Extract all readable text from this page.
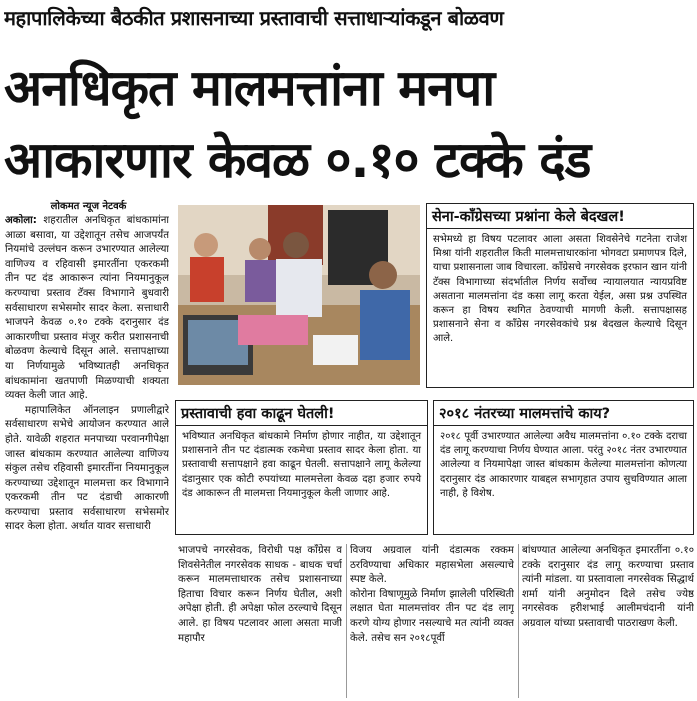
महापालिकेच्या बैठकीत प्रशासनाच्या प्रस्तावाची सत्ताधाऱ्यांकडून बोळवण
अनधिकृत मालमत्तांना मनपा
आकारणार केवळ ०.१० टक्के दंड
लोकमत न्यूज नेटवर्क

अकोला: शहरातील अनधिकृत बांधकामांना आळा बसावा, या उद्देशातून तसेच आजपर्यंत नियमांचे उल्लंघन करून उभारण्यात आलेल्या वाणिज्य व रहिवासी इमारतींना एकरकमी तीन पट दंड आकारून त्यांना नियमानुकूल करण्याचा प्रस्ताव टॅक्स विभागाने बुधवारी सर्वसाधारण सभेसमोर सादर केला. सत्ताधारी भाजपने केवळ ०.१० टक्के दरानुसार दंड आकारणीचा प्रस्ताव मंजूर करीत प्रशासनाची बोळवण केल्याचे दिसून आले. सत्तापक्षाच्या या निर्णयामुळे भविष्यातही अनधिकृत बांधकामांना खतपाणी मिळण्याची शक्यता व्यक्त केली जात आहे.

महापालिकेत ऑनलाइन प्रणालीद्वारे सर्वसाधारण सभेचे आयोजन करण्यात आले होते. यावेळी शहरात मनपाच्या परवानगीपेक्षा जास्त बांधकाम करण्यात आलेल्या वाणिज्य संकुल तसेच रहिवासी इमारतींना नियमानुकूल करण्याच्या उद्देशातून मालमत्ता कर विभागाने एकरकमी तीन पट दंडाची आकारणी करण्याचा प्रस्ताव सर्वसाधारण सभेसमोर सादर केला होता. अर्थात यावर सत्ताधारी

सेना-काँग्रेसच्या प्रश्नांना केले बेदखल!
सभेमध्ये हा विषय पटलावर आला असता शिवसेनेचे गटनेता राजेश मिश्रा यांनी शहरातील किती मालमत्ताधारकांना भोगवटा प्रमाणपत्र दिले, याचा प्रशासनाला जाब विचारला. काँग्रेसचे नगरसेवक इरफान खान यांनी टॅक्स विभागाच्या संदर्भातील निर्णय सर्वोच्च न्यायालयात न्यायप्रविष्ट असताना मालमत्तांना दंड कसा लागू करता येईल, असा प्रश्न उपस्थित करून हा विषय स्थगित ठेवण्याची मागणी केली. सत्तापक्षासह प्रशासनाने सेना व काँग्रेस नगरसेवकांचे प्रश्न बेदखल केल्याचे दिसून आले.
प्रस्तावाची हवा काढून घेतली!
भविष्यात अनधिकृत बांधकामे निर्माण होणार नाहीत, या उद्देशातून प्रशासनाने तीन पट दंडात्मक रकमेचा प्रस्ताव सादर केला होता. या प्रस्तावाची सत्तापक्षाने हवा काढून घेतली. सत्तापक्षाने लागू केलेल्या दंडानुसार एक कोटी रुपयांच्या मालमत्तेला केवळ दहा हजार रुपये दंड आकारून ती मालमत्ता नियमानुकूल केली जाणार आहे.
२०१८ नंतरच्या मालमत्तांचे काय?
२०१८ पूर्वी उभारण्यात आलेल्या अवैध मालमत्तांना ०.१० टक्के दराचा दंड लागू करण्याचा निर्णय घेण्यात आला. परंतु २०१८ नंतर उभारण्यात आलेल्या व नियमापेक्षा जास्त बांधकाम केलेल्या मालमत्तांना कोणत्या दरानुसार दंड आकारणार याबद्दल सभागृहात उपाय सुचविण्यात आला नाही, हे विशेष.
भाजपचे नगरसेवक, विरोधी पक्ष काँग्रेस व शिवसेनेतील नगरसेवक साधक - बाधक चर्चा करून मालमत्ताधारक तसेच प्रशासनाच्या हिताचा विचार करून निर्णय घेतील, अशी अपेक्षा होती. ही अपेक्षा फोल ठरल्याचे दिसून आले. हा विषय पटलावर आला असता माजी महापौर
विजय अग्रवाल यांनी दंडात्मक रक्कम ठरविण्याचा अधिकार महासभेला असल्याचे स्पष्ट केले.
कोरोना विषाणूमुळे निर्माण झालेली परिस्थिती लक्षात घेता मालमत्तांवर तीन पट दंड लागू करणे योग्य होणार नसल्याचे मत त्यांनी व्यक्त केले. तसेच सन २०१८पूर्वी
बांधण्यात आलेल्या अनधिकृत इमारतींना ०.१० टक्के दरानुसार दंड लागू करण्याचा प्रस्ताव त्यांनी मांडला. या प्रस्तावाला नगरसेवक सिद्धार्थ शर्मा यांनी अनुमोदन दिले तसेच ज्येष्ठ नगरसेवक हरीशभाई आलीमचंदानी यांनी अग्रवाल यांच्या प्रस्तावाची पाठराखण केली.
